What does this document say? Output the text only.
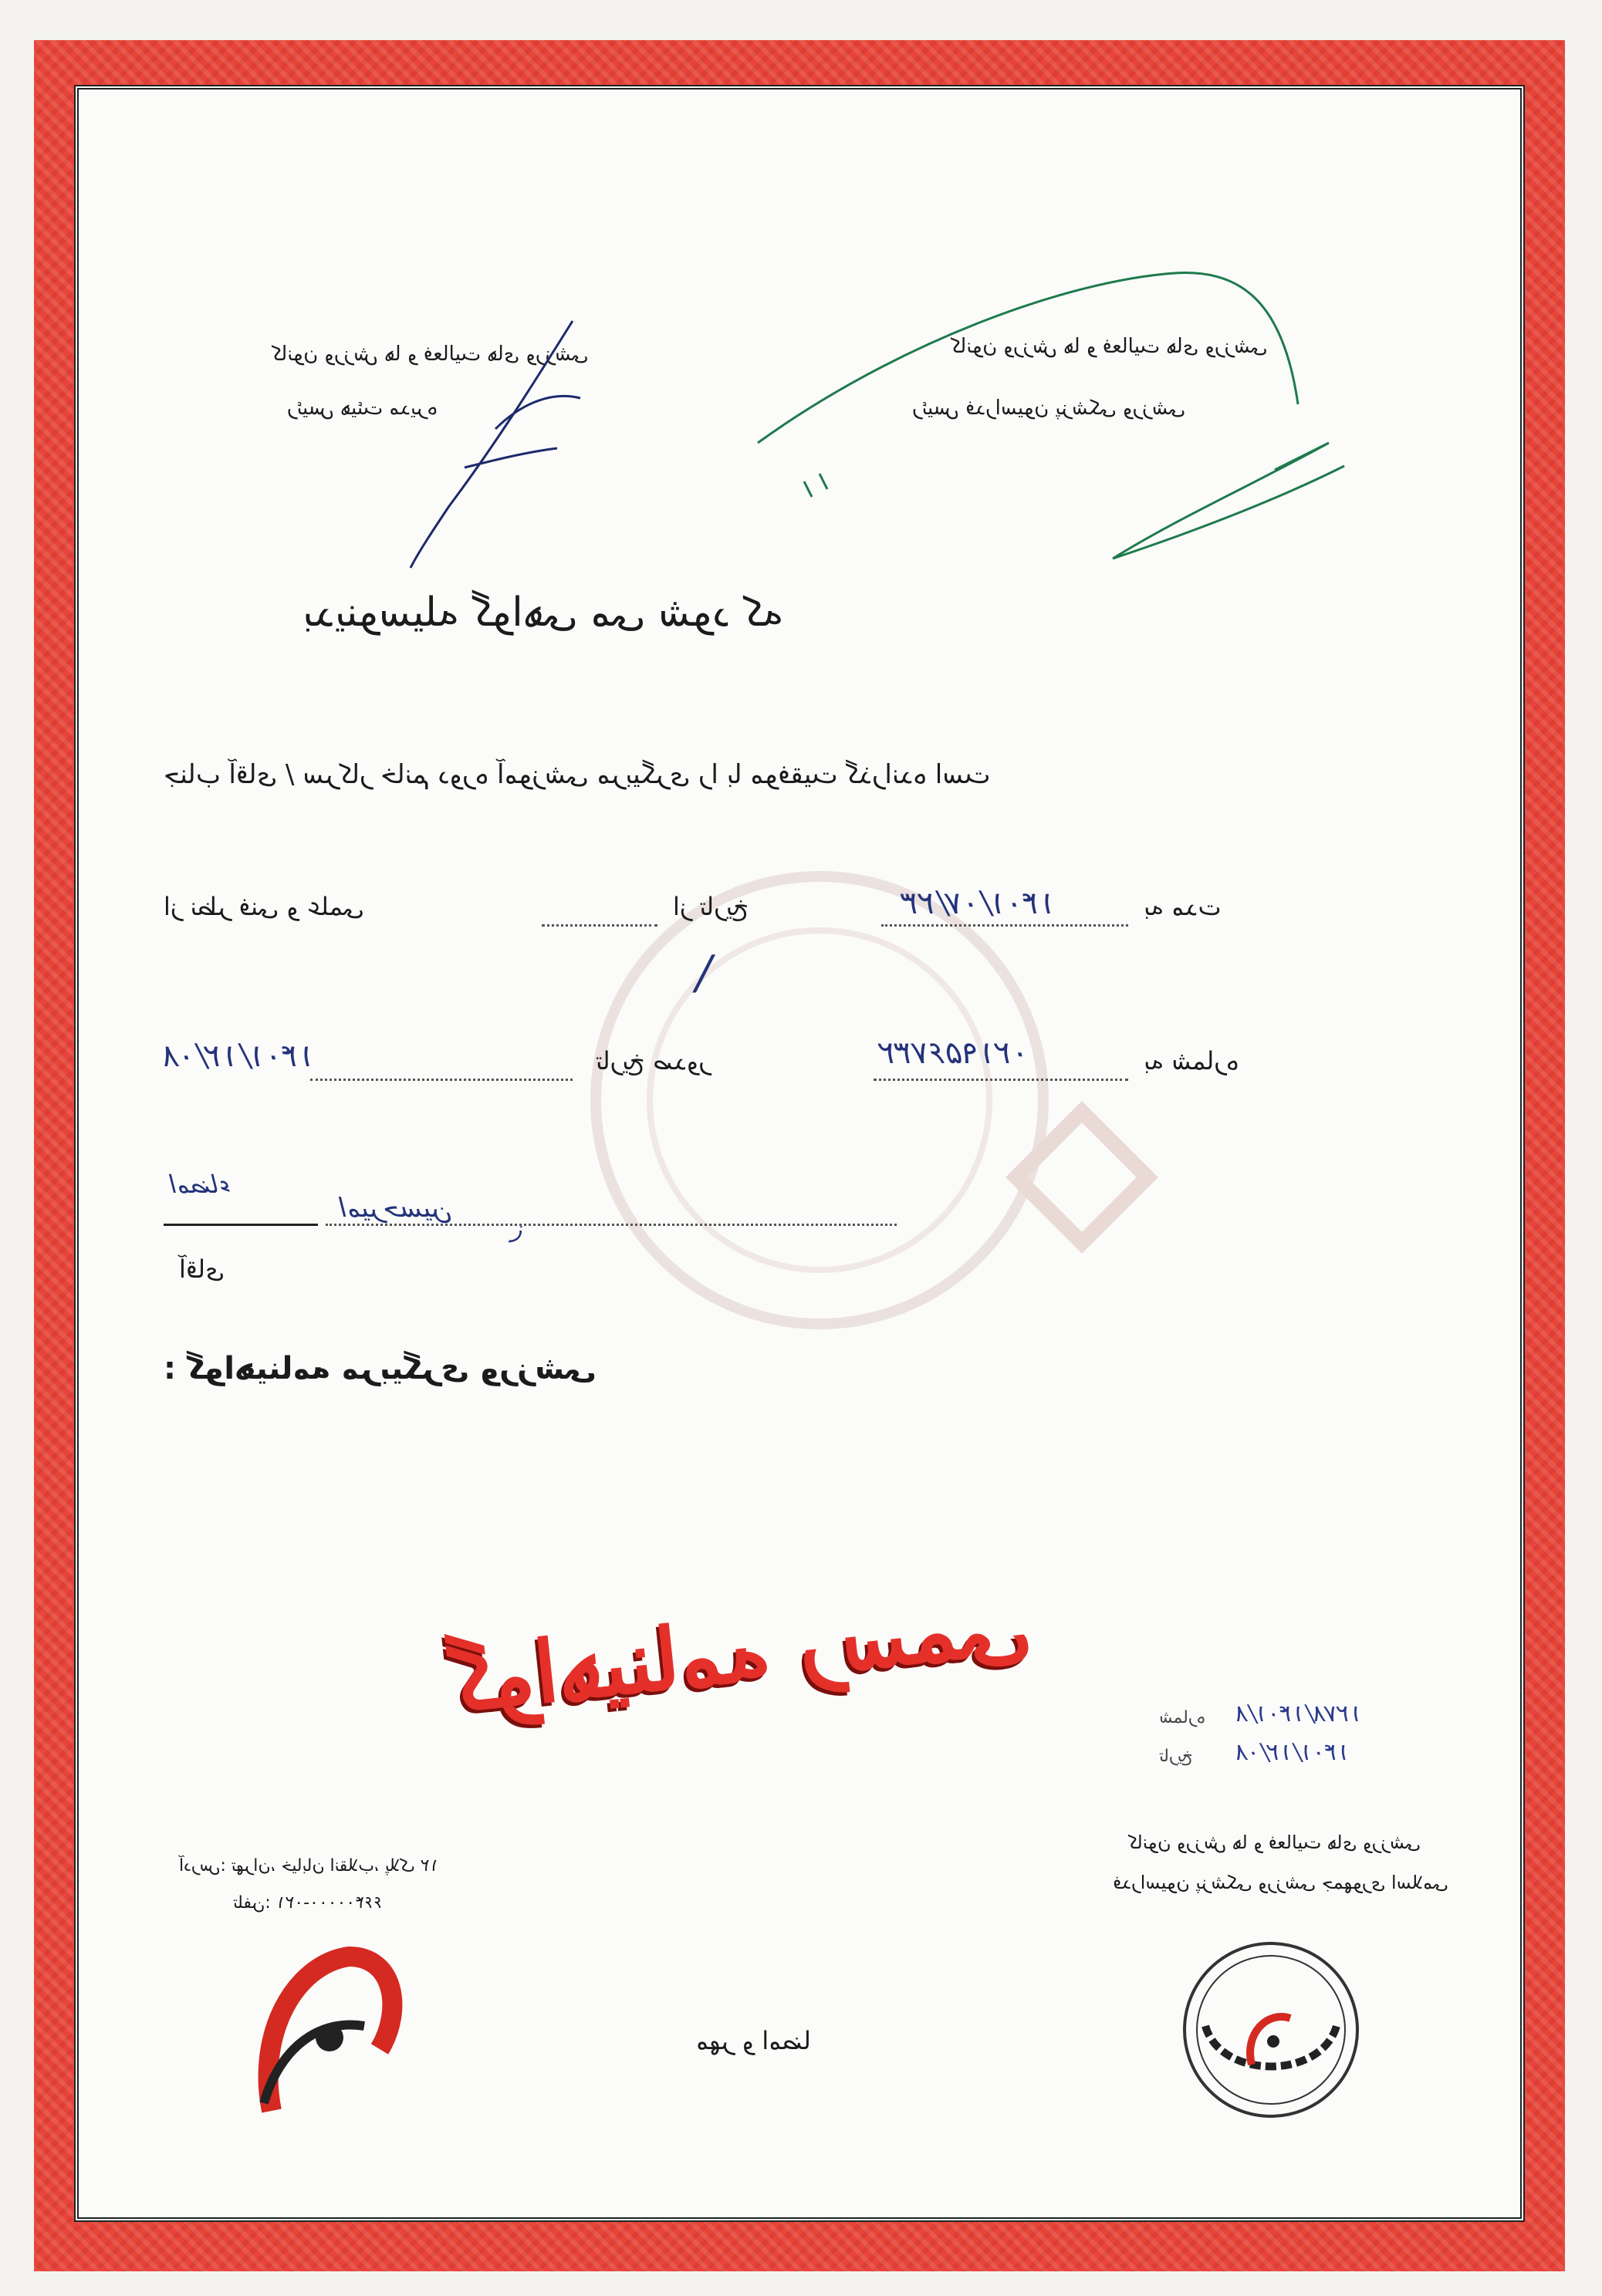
کانون ورزش ها و فعالیت های ورزشی
رئیس هیئت مدیره
کانون ورزش ها و فعالیت های ورزشی
رئیس فدراسیون پزشکی ورزشی
بدینوسیله گواهی می شود که
جناب آقای / سرکار خانم دوره آموزشی مربیگری را با موفقیت گذرانده است
به مدت
۱۴۰۱/۰۷/۲۳
از تاریخ
/
از نظر فنی و علمی
به شماره
۰۲۱۹۵۶۷۳۲
تاریخ صدور
۱۴۰۱/۱۲/۰۸
امیرحسین
ز
آقای
امضاء
گواهینامه مربیگری ورزشی :
گواهینامه رسمی	شماره ۱۲۷۸/۱۴۰۱/۸
تاریخ ۱۴۰۱/۱۲/۰۸
کانون ورزش ها و فعالیت های ورزشی
فدراسیون پزشکی ورزشی جمهوری اسلامی
آدرس: تهران، خیابان انقلاب، پلاک ۱۲
تلفن: ۰۲۱-۶۶۴۰۰۰۰۰
مهر و امضا
